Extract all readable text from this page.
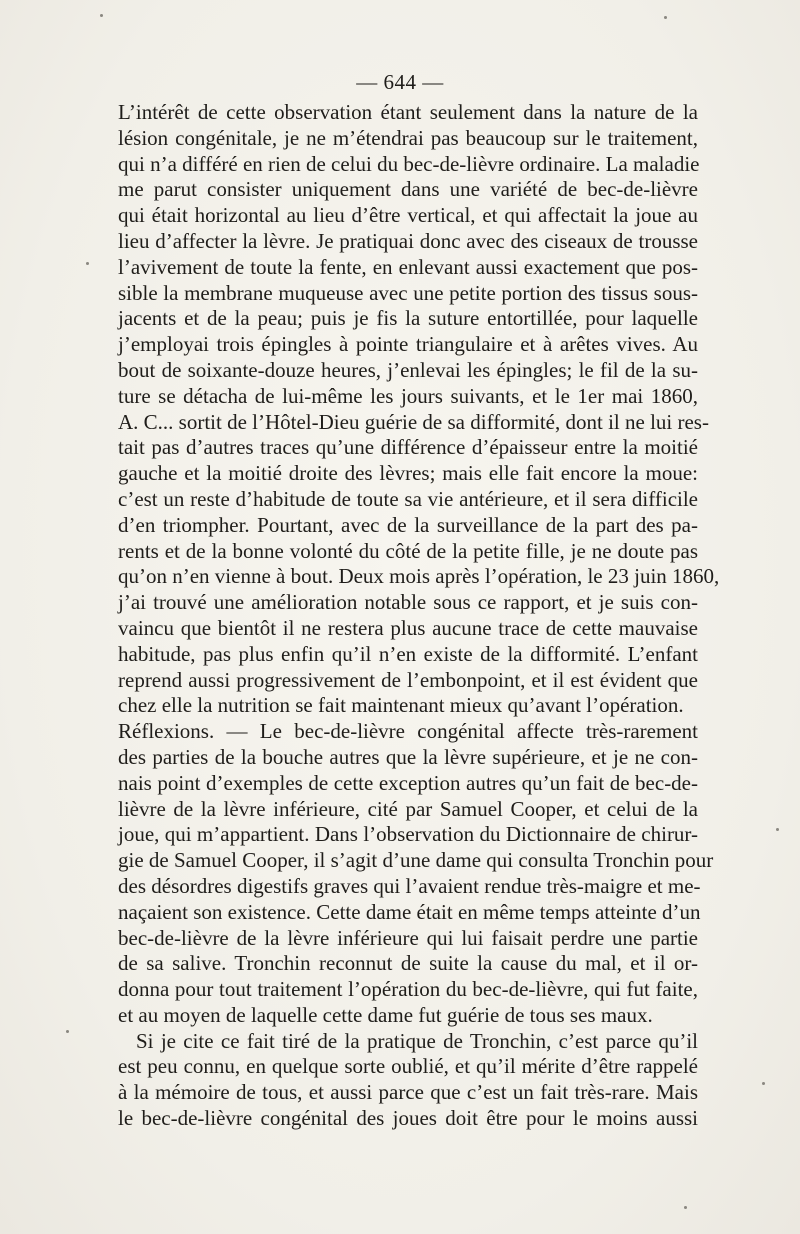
— 644 —
L’intérêt de cette observation étant seulement dans la nature de la
lésion congénitale, je ne m’étendrai pas beaucoup sur le traitement,
qui n’a différé en rien de celui du bec-de-lièvre ordinaire. La maladie
me parut consister uniquement dans une variété de bec-de-lièvre
qui était horizontal au lieu d’être vertical, et qui affectait la joue au
lieu d’affecter la lèvre. Je pratiquai donc avec des ciseaux de trousse
l’avivement de toute la fente, en enlevant aussi exactement que pos-
sible la membrane muqueuse avec une petite portion des tissus sous-
jacents et de la peau; puis je fis la suture entortillée, pour laquelle
j’employai trois épingles à pointe triangulaire et à arêtes vives. Au
bout de soixante-douze heures, j’enlevai les épingles; le fil de la su-
ture se détacha de lui-même les jours suivants, et le 1er mai 1860,
A. C... sortit de l’Hôtel-Dieu guérie de sa difformité, dont il ne lui res-
tait pas d’autres traces qu’une différence d’épaisseur entre la moitié
gauche et la moitié droite des lèvres; mais elle fait encore la moue:
c’est un reste d’habitude de toute sa vie antérieure, et il sera difficile
d’en triompher. Pourtant, avec de la surveillance de la part des pa-
rents et de la bonne volonté du côté de la petite fille, je ne doute pas
qu’on n’en vienne à bout. Deux mois après l’opération, le 23 juin 1860,
j’ai trouvé une amélioration notable sous ce rapport, et je suis con-
vaincu que bientôt il ne restera plus aucune trace de cette mauvaise
habitude, pas plus enfin qu’il n’en existe de la difformité. L’enfant
reprend aussi progressivement de l’embonpoint, et il est évident que
chez elle la nutrition se fait maintenant mieux qu’avant l’opération.
Réflexions. — Le bec-de-lièvre congénital affecte très-rarement
des parties de la bouche autres que la lèvre supérieure, et je ne con-
nais point d’exemples de cette exception autres qu’un fait de bec-de-
lièvre de la lèvre inférieure, cité par Samuel Cooper, et celui de la
joue, qui m’appartient. Dans l’observation du Dictionnaire de chirur-
gie de Samuel Cooper, il s’agit d’une dame qui consulta Tronchin pour
des désordres digestifs graves qui l’avaient rendue très-maigre et me-
naçaient son existence. Cette dame était en même temps atteinte d’un
bec-de-lièvre de la lèvre inférieure qui lui faisait perdre une partie
de sa salive. Tronchin reconnut de suite la cause du mal, et il or-
donna pour tout traitement l’opération du bec-de-lièvre, qui fut faite,
et au moyen de laquelle cette dame fut guérie de tous ses maux.
Si je cite ce fait tiré de la pratique de Tronchin, c’est parce qu’il
est peu connu, en quelque sorte oublié, et qu’il mérite d’être rappelé
à la mémoire de tous, et aussi parce que c’est un fait très-rare. Mais
le bec-de-lièvre congénital des joues doit être pour le moins aussi
